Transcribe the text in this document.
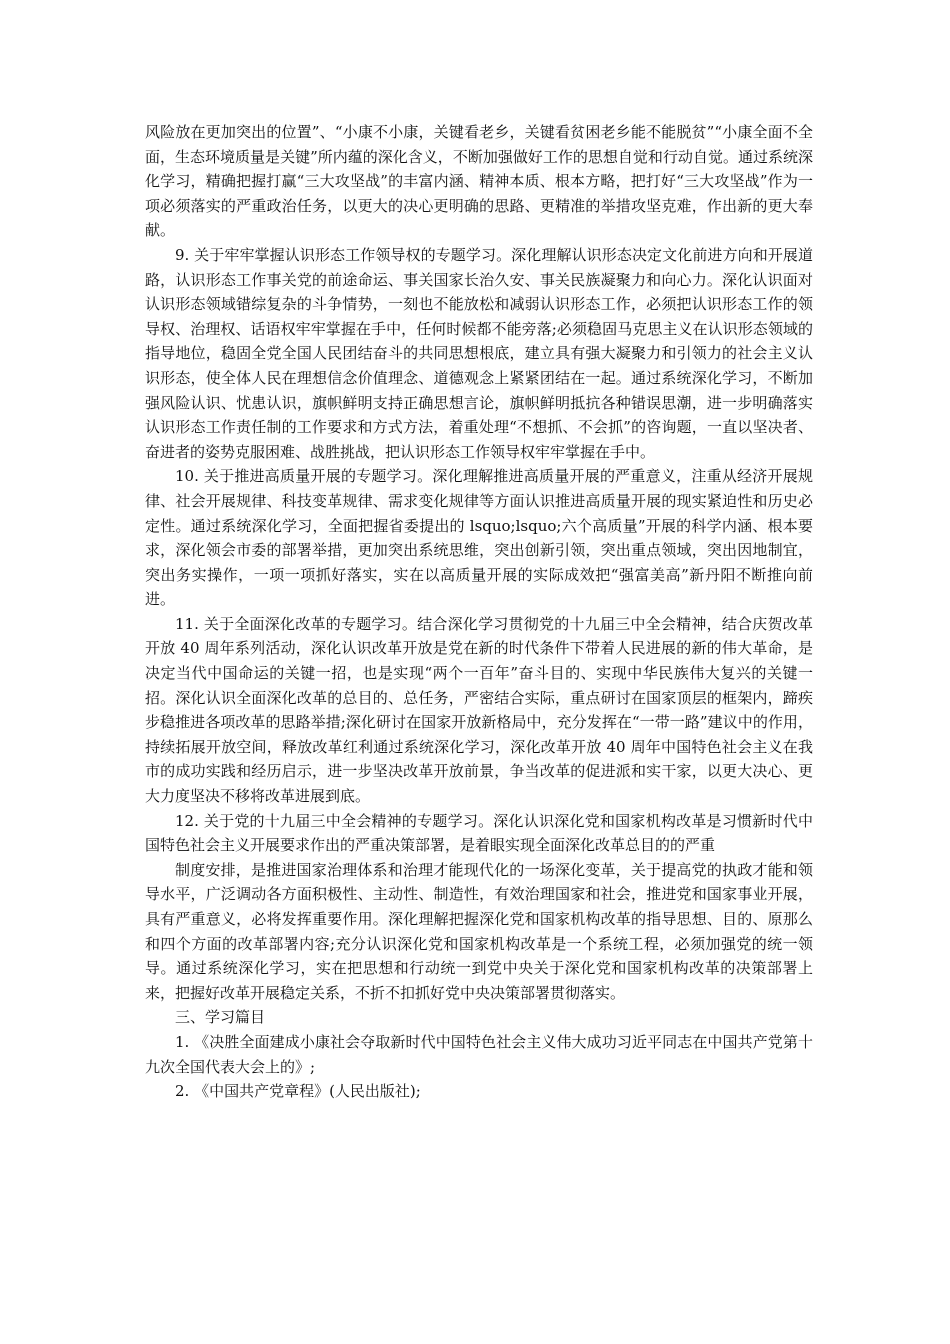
风险放在更加突出的位置”、“小康不小康，关键看老乡，关键看贫困老乡能不能脱贫”“小康全面不全面，生态环境质量是关键”所内蕴的深化含义，不断加强做好工作的思想自觉和行动自觉。通过系统深化学习，精确把握打赢“三大攻坚战”的丰富内涵、精神本质、根本方略，把打好“三大攻坚战”作为一项必须落实的严重政治任务，以更大的决心更明确的思路、更精准的举措攻坚克难，作出新的更大奉献。

9. 关于牢牢掌握认识形态工作领导权的专题学习。深化理解认识形态决定文化前进方向和开展道路，认识形态工作事关党的前途命运、事关国家长治久安、事关民族凝聚力和向心力。深化认识面对认识形态领域错综复杂的斗争情势，一刻也不能放松和减弱认识形态工作，必须把认识形态工作的领导权、治理权、话语权牢牢掌握在手中，任何时候都不能旁落;必须稳固马克思主义在认识形态领域的指导地位，稳固全党全国人民团结奋斗的共同思想根底，建立具有强大凝聚力和引领力的社会主义认识形态，使全体人民在理想信念价值理念、道德观念上紧紧团结在一起。通过系统深化学习，不断加强风险认识、忧患认识，旗帜鲜明支持正确思想言论，旗帜鲜明抵抗各种错误思潮，进一步明确落实认识形态工作责任制的工作要求和方式方法，着重处理“不想抓、不会抓”的咨询题，一直以坚决者、奋进者的姿势克服困难、战胜挑战，把认识形态工作领导权牢牢掌握在手中。

10. 关于推进高质量开展的专题学习。深化理解推进高质量开展的严重意义，注重从经济开展规律、社会开展规律、科技变革规律、需求变化规律等方面认识推进高质量开展的现实紧迫性和历史必定性。通过系统深化学习，全面把握省委提出的 lsquo;lsquo;六个高质量”开展的科学内涵、根本要求，深化领会市委的部署举措，更加突出系统思维，突出创新引领，突出重点领域，突出因地制宜，突出务实操作，一项一项抓好落实，实在以高质量开展的实际成效把“强富美高”新丹阳不断推向前进。

11. 关于全面深化改革的专题学习。结合深化学习贯彻党的十九届三中全会精神，结合庆贺改革开放 40 周年系列活动，深化认识改革开放是党在新的时代条件下带着人民进展的新的伟大革命，是决定当代中国命运的关键一招，也是实现“两个一百年”奋斗目的、实现中华民族伟大复兴的关键一招。深化认识全面深化改革的总目的、总任务，严密结合实际，重点研讨在国家顶层的框架内，蹄疾步稳推进各项改革的思路举措;深化研讨在国家开放新格局中，充分发挥在“一带一路”建议中的作用，持续拓展开放空间，释放改革红利通过系统深化学习，深化改革开放 40 周年中国特色社会主义在我市的成功实践和经历启示，进一步坚决改革开放前景，争当改革的促进派和实干家，以更大决心、更大力度坚决不移将改革进展到底。

12. 关于党的十九届三中全会精神的专题学习。深化认识深化党和国家机构改革是习惯新时代中国特色社会主义开展要求作出的严重决策部署，是着眼实现全面深化改革总目的的严重

制度安排，是推进国家治理体系和治理才能现代化的一场深化变革，关于提高党的执政才能和领导水平，广泛调动各方面积极性、主动性、制造性，有效治理国家和社会，推进党和国家事业开展，具有严重意义，必将发挥重要作用。深化理解把握深化党和国家机构改革的指导思想、目的、原那么和四个方面的改革部署内容;充分认识深化党和国家机构改革是一个系统工程，必须加强党的统一领导。通过系统深化学习，实在把思想和行动统一到党中央关于深化党和国家机构改革的决策部署上来，把握好改革开展稳定关系，不折不扣抓好党中央决策部署贯彻落实。

三、学习篇目

1. 《决胜全面建成小康社会夺取新时代中国特色社会主义伟大成功习近平同志在中国共产党第十九次全国代表大会上的》;

2. 《中国共产党章程》(人民出版社);
